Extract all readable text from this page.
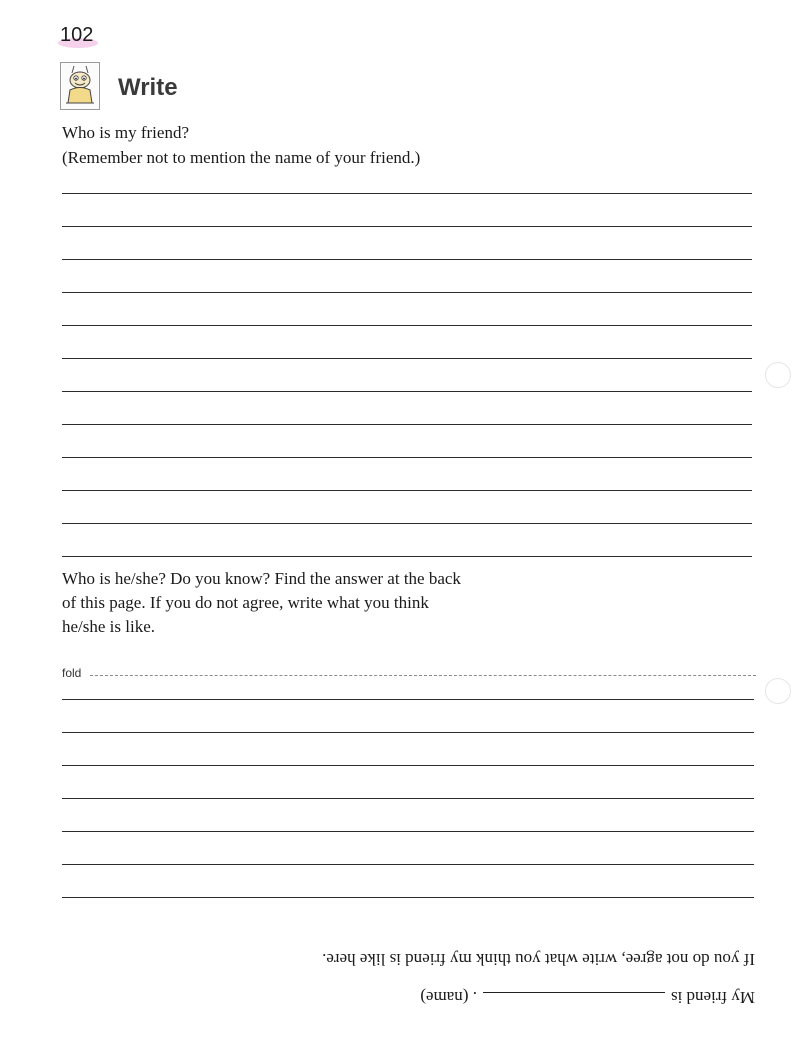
102
Write
Who is my friend?
(Remember not to mention the name of your friend.)
Who is he/she? Do you know? Find the answer at the back
of this page. If you do not agree, write what you think
he/she is like.
fold
If you do not agree, write what you think my friend is like here.
My friend is. (name)
